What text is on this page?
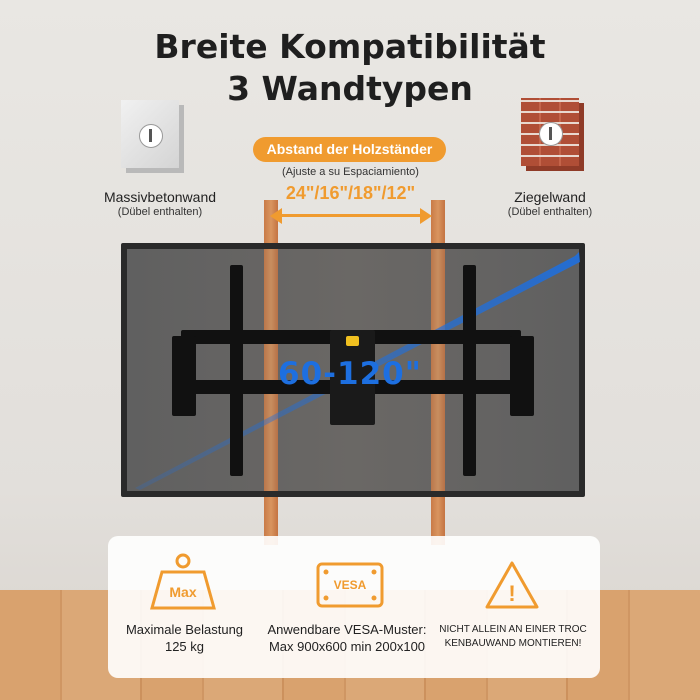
Breite Kompatibilität
3 Wandtypen
Massivbetonwand
(Dübel enthalten)
Ziegelwand
(Dübel enthalten)
Abstand der Holzständer
(Ajuste a su Espaciamiento)
24"/16"/18"/12"
60-120"
Max
Maximale Belastung
125 kg
VESA
Anwendbare VESA-Muster:
Max 900x600 min 200x100
!
NICHT ALLEIN AN EINER TROC
KENBAUWAND MONTIEREN!
